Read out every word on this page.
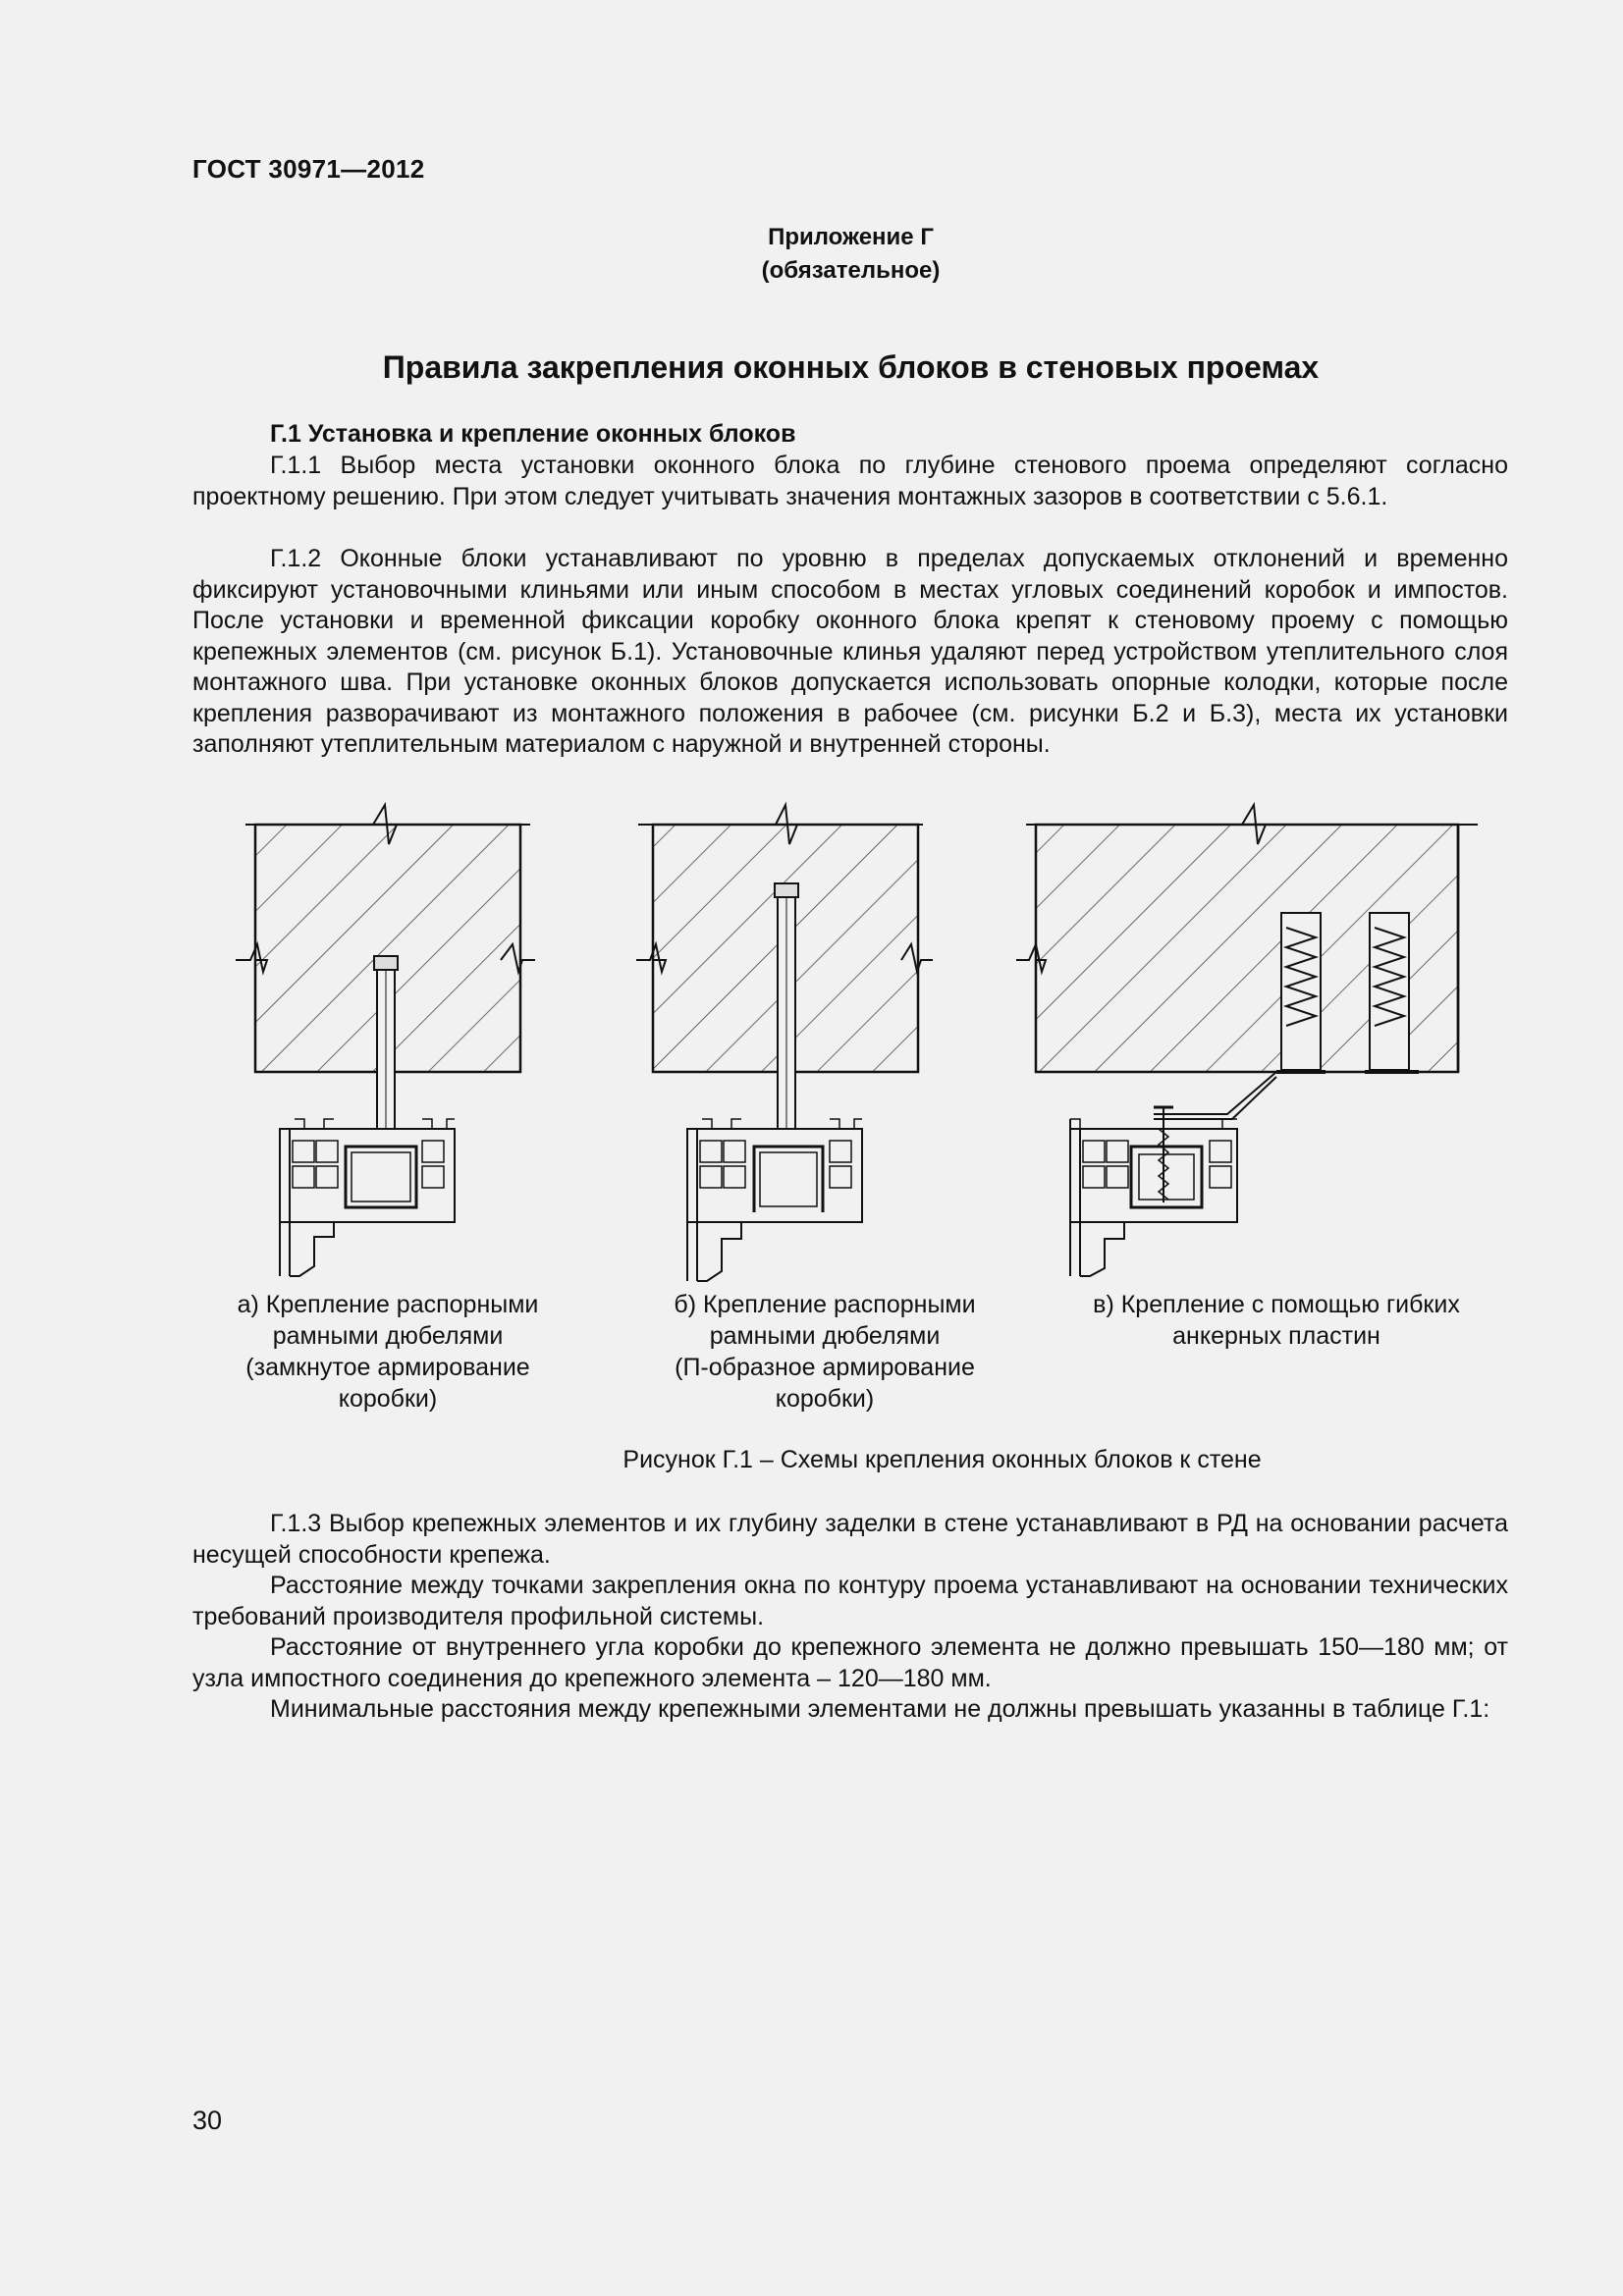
ГОСТ 30971—2012
Приложение Г
(обязательное)
Правила закрепления оконных блоков в стеновых проемах
Г.1 Установка и крепление оконных блоков

Г.1.1 Выбор места установки оконного блока по глубине стенового проема определяют согласно проектному решению. При этом следует учитывать значения монтажных зазоров в соответствии с 5.6.1.

Г.1.2 Оконные блоки устанавливают по уровню в пределах допускаемых отклонений и временно фиксируют установочными клиньями или иным способом в местах угловых соединений коробок и импостов. После установки и временной фиксации коробку оконного блока крепят к стеновому проему с помощью крепежных элементов (см. рисунок Б.1). Установочные клинья удаляют перед устройством утеплительного слоя монтажного шва. При установке оконных блоков допускается использовать опорные колодки, которые после крепления разворачивают из монтажного положения в рабочее (см. рисунки Б.2 и Б.3), места их установки заполняют утеплительным материалом с наружной и внутренней стороны.

а) Крепление распорными
рамными дюбелями
(замкнутое армирование
коробки)
б) Крепление распорными
рамными дюбелями
(П-образное армирование
коробки)
в) Крепление с помощью гибких
анкерных пластин
Рисунок Г.1 – Схемы крепления оконных блоков к стене

Г.1.3 Выбор крепежных элементов и их глубину заделки в стене устанавливают в РД на основании расчета несущей способности крепежа.

Расстояние между точками закрепления окна по контуру проема устанавливают на основании технических требований производителя профильной системы.

Расстояние от внутреннего угла коробки до крепежного элемента не должно превышать 150—180 мм; от узла импостного соединения до крепежного элемента – 120—180 мм.

Минимальные расстояния между крепежными элементами не должны превышать указанны в таблице Г.1:

30
